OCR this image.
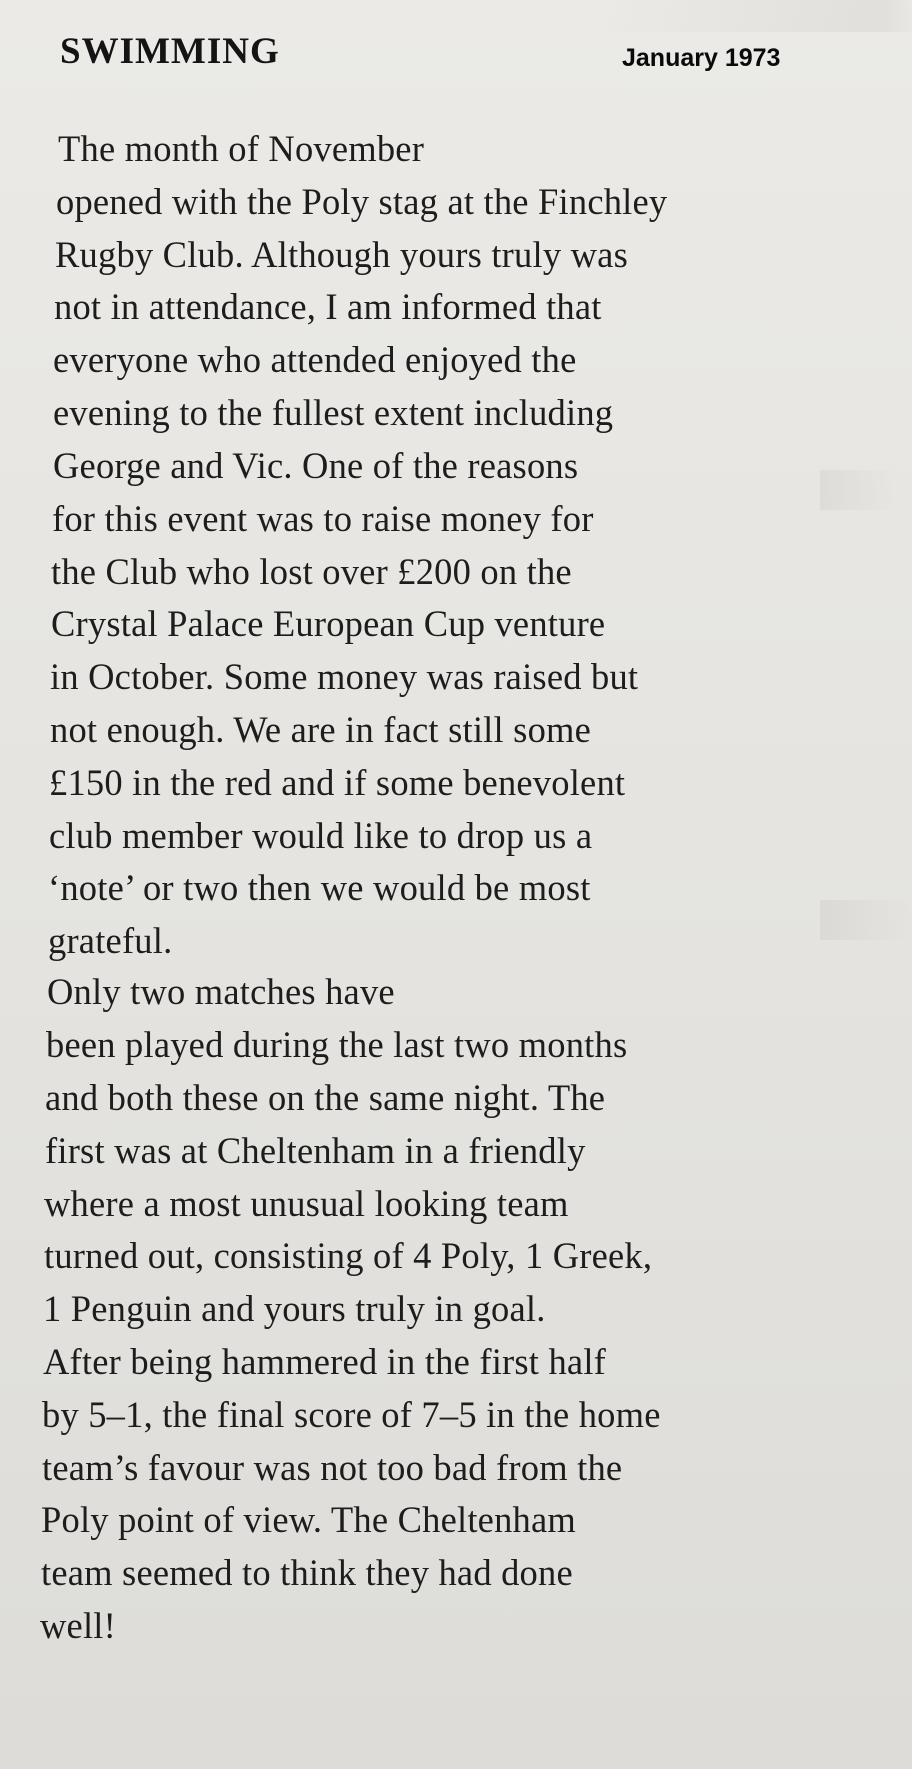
SWIMMING	January 1973
The month of November
opened with the Poly stag at the Finchley
Rugby Club. Although yours truly was
not in attendance, I am informed that
everyone who attended enjoyed the
evening to the fullest extent including
George and Vic. One of the reasons
for this event was to raise money for
the Club who lost over £200 on the
Crystal Palace European Cup venture
in October. Some money was raised but
not enough. We are in fact still some
£150 in the red and if some benevolent
club member would like to drop us a
‘note’ or two then we would be most
grateful.
Only two matches have
been played during the last two months
and both these on the same night. The
first was at Cheltenham in a friendly
where a most unusual looking team
turned out, consisting of 4 Poly, 1 Greek,
1 Penguin and yours truly in goal.
After being hammered in the first half
by 5–1, the final score of 7–5 in the home
team’s favour was not too bad from the
Poly point of view. The Cheltenham
team seemed to think they had done
well!
